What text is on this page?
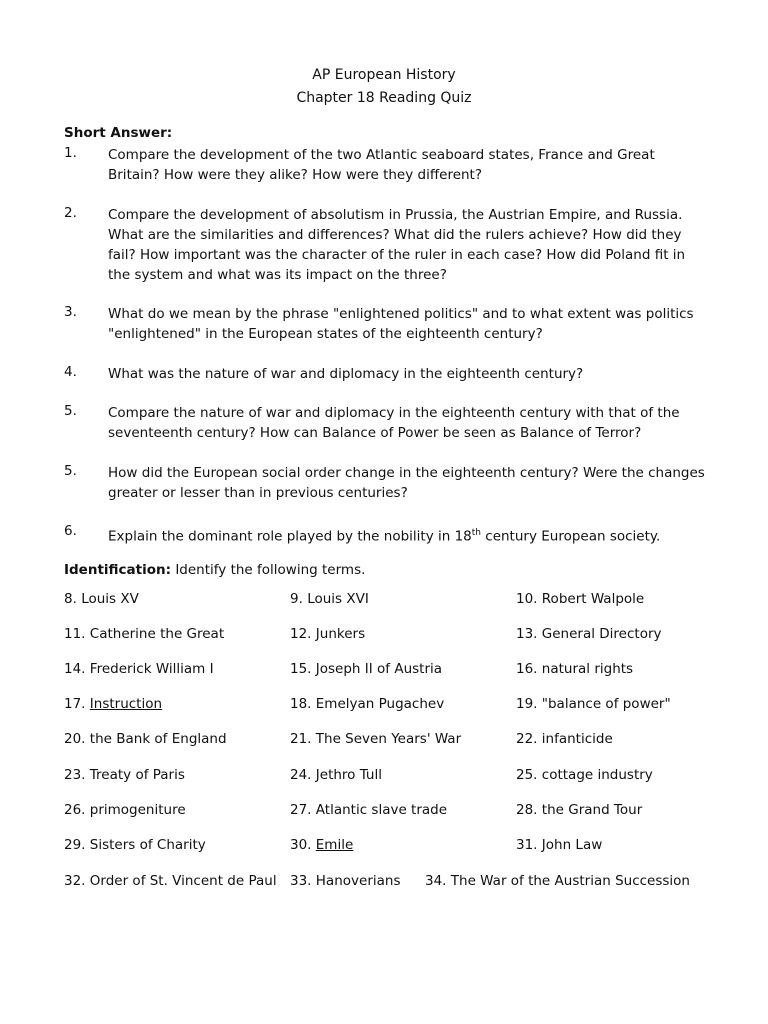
AP European History
Chapter 18 Reading Quiz
Short Answer:
1. Compare the development of the two Atlantic seaboard states, France and Great Britain? How were they alike? How were they different?
2. Compare the development of absolutism in Prussia, the Austrian Empire, and Russia. What are the similarities and differences? What did the rulers achieve? How did they fail? How important was the character of the ruler in each case? How did Poland fit in the system and what was its impact on the three?
3. What do we mean by the phrase "enlightened politics" and to what extent was politics "enlightened" in the European states of the eighteenth century?
4. What was the nature of war and diplomacy in the eighteenth century?
5. Compare the nature of war and diplomacy in the eighteenth century with that of the seventeenth century? How can Balance of Power be seen as Balance of Terror?
5. How did the European social order change in the eighteenth century? Were the changes greater or lesser than in previous centuries?
6. Explain the dominant role played by the nobility in 18th century European society.
Identification: Identify the following terms.
8. Louis XV	9. Louis XVI	10. Robert Walpole
11. Catherine the Great	12. Junkers	13. General Directory
14. Frederick William I	15. Joseph II of Austria	16. natural rights
17. Instruction	18. Emelyan Pugachev	19. "balance of power"
20. the Bank of England	21. The Seven Years' War	22. infanticide
23. Treaty of Paris	24. Jethro Tull	25. cottage industry
26. primogeniture	27. Atlantic slave trade	28. the Grand Tour
29. Sisters of Charity	30. Emile	31. John Law
32. Order of St. Vincent de Paul 33. Hanoverians 34. The War of the Austrian Succession
